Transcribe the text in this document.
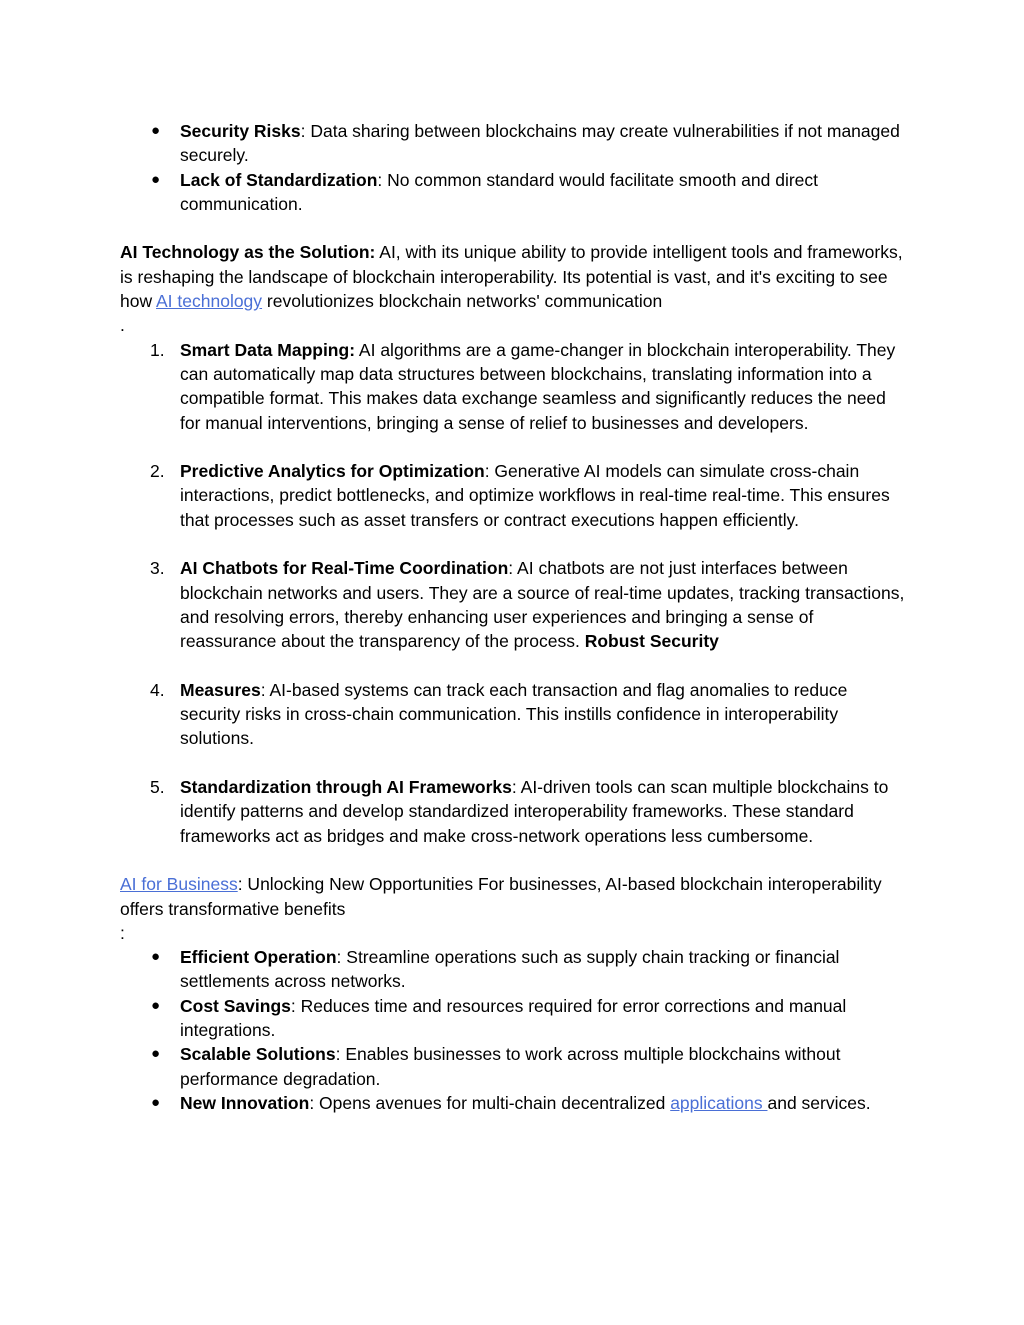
● Security Risks: Data sharing between blockchains may create vulnerabilities if not managed securely.
● Lack of Standardization: No common standard would facilitate smooth and direct communication.
AI Technology as the Solution: AI, with its unique ability to provide intelligent tools and frameworks, is reshaping the landscape of blockchain interoperability. Its potential is vast, and it's exciting to see how AI technology revolutionizes blockchain networks' communication
.
1. Smart Data Mapping: AI algorithms are a game-changer in blockchain interoperability. They can automatically map data structures between blockchains, translating information into a compatible format. This makes data exchange seamless and significantly reduces the need for manual interventions, bringing a sense of relief to businesses and developers.
2. Predictive Analytics for Optimization: Generative AI models can simulate cross-chain interactions, predict bottlenecks, and optimize workflows in real-time real-time. This ensures that processes such as asset transfers or contract executions happen efficiently.
3. AI Chatbots for Real-Time Coordination: AI chatbots are not just interfaces between blockchain networks and users. They are a source of real-time updates, tracking transactions, and resolving errors, thereby enhancing user experiences and bringing a sense of reassurance about the transparency of the process. Robust Security
4. Measures: AI-based systems can track each transaction and flag anomalies to reduce security risks in cross-chain communication. This instills confidence in interoperability solutions.
5. Standardization through AI Frameworks: AI-driven tools can scan multiple blockchains to identify patterns and develop standardized interoperability frameworks. These standard frameworks act as bridges and make cross-network operations less cumbersome.
AI for Business: Unlocking New Opportunities For businesses, AI-based blockchain interoperability offers transformative benefits
:
● Efficient Operation: Streamline operations such as supply chain tracking or financial settlements across networks.
● Cost Savings: Reduces time and resources required for error corrections and manual integrations.
● Scalable Solutions: Enables businesses to work across multiple blockchains without performance degradation.
● New Innovation: Opens avenues for multi-chain decentralized applications and services.
